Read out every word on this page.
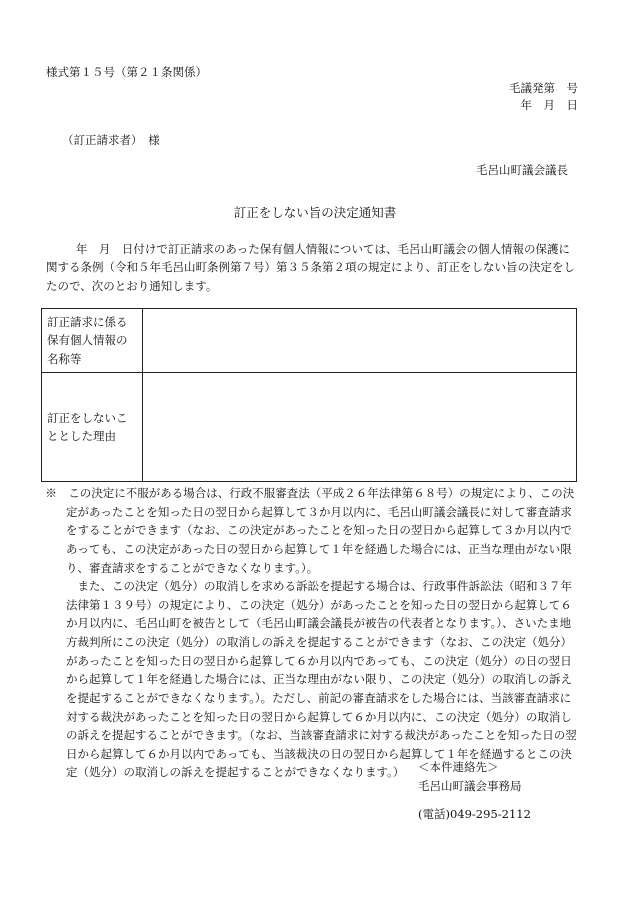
様式第１５号（第２１条関係）
毛議発第　号
年　月　日
（訂正請求者）　様
毛呂山町議会議長
訂正をしない旨の決定通知書
年　月　日付けで訂正請求のあった保有個人情報については、毛呂山町議会の個人情報の保護に関する条例（令和５年毛呂山町条例第７号）第３５条第２項の規定により、訂正をしない旨の決定をしたので、次のとおり通知します。
訂正請求に係る保有個人情報の名称等	
訂正をしないこととした理由	

※　この決定に不服がある場合は、行政不服審査法（平成２６年法律第６８号）の規定により、この決定があったことを知った日の翌日から起算して３か月以内に、毛呂山町議会議長に対して審査請求をすることができます（なお、この決定があったことを知った日の翌日から起算して３か月以内であっても、この決定があった日の翌日から起算して１年を経過した場合には、正当な理由がない限り、審査請求をすることができなくなります。）。

また、この決定（処分）の取消しを求める訴訟を提起する場合は、行政事件訴訟法（昭和３７年法律第１３９号）の規定により、この決定（処分）があったことを知った日の翌日から起算して６か月以内に、毛呂山町を被告として（毛呂山町議会議長が被告の代表者となります。）、さいたま地方裁判所にこの決定（処分）の取消しの訴えを提起することができます（なお、この決定（処分）があったことを知った日の翌日から起算して６か月以内であっても、この決定（処分）の日の翌日から起算して１年を経過した場合には、正当な理由がない限り、この決定（処分）の取消しの訴えを提起することができなくなります。）。ただし、前記の審査請求をした場合には、当該審査請求に対する裁決があったことを知った日の翌日から起算して６か月以内に、この決定（処分）の取消しの訴えを提起することができます。（なお、当該審査請求に対する裁決があったことを知った日の翌日から起算して６か月以内であっても、当該裁決の日の翌日から起算して１年を経過するとこの決定（処分）の取消しの訴えを提起することができなくなります。）	＜本件連絡先＞
毛呂山町議会事務局
(電話)049-295-2112
